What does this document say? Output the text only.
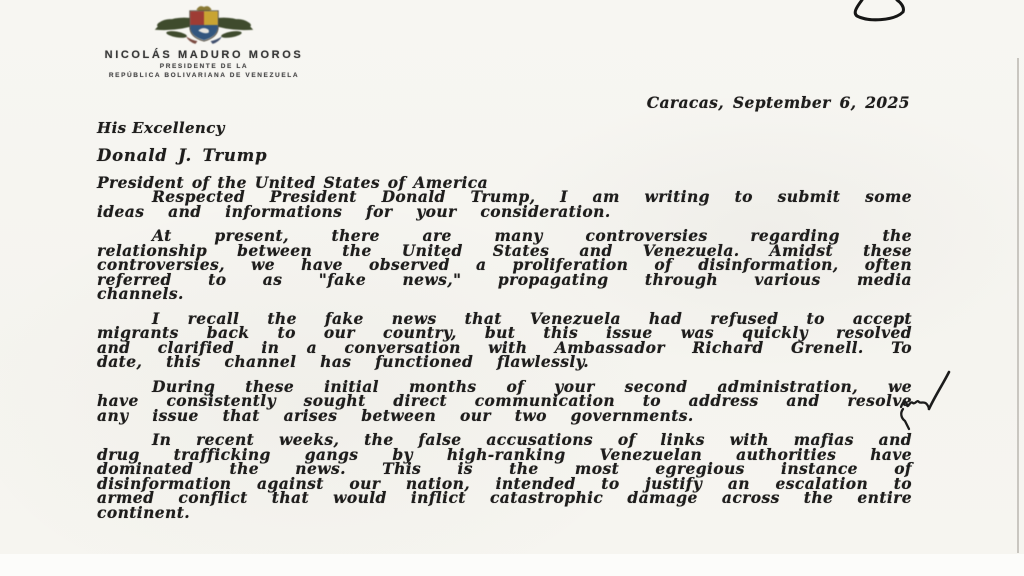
NICOLÁS MADURO MOROS
PRESIDENTE DE LA
REPÚBLICA BOLIVARIANA DE VENEZUELA
Caracas, September 6, 2025
His Excellency
Donald J. Trump
President of the United States of America

Respected President Donald Trump, I am writing to submit some ideas and informations for your consideration.

At present, there are many controversies regarding the relationship between the United States and Venezuela. Amidst these controversies, we have observed a proliferation of disinformation, often referred to as "fake news," propagating through various media channels.

I recall the fake news that Venezuela had refused to accept migrants back to our country, but this issue was quickly resolved and clarified in a conversation with Ambassador Richard Grenell. To date, this channel has functioned flawlessly.

During these initial months of your second administration, we have consistently sought direct communication to address and resolve any issue that arises between our two governments.

In recent weeks, the false accusations of links with mafias and drug trafficking gangs by high-ranking Venezuelan authorities have dominated the news. This is the most egregious instance of disinformation against our nation, intended to justify an escalation to armed conflict that would inflict catastrophic damage across the entire continent.
